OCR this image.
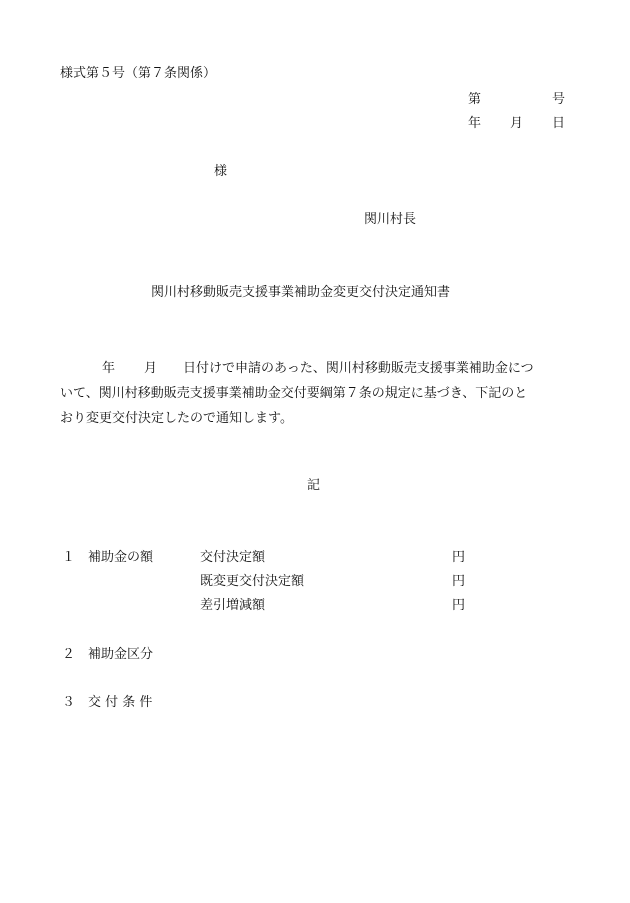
様式第５号（第７条関係）
第	号
年 月 日
様
関川村長
関川村移動販売支援事業補助金変更交付決定通知書
年 月 日付けで申請のあった、関川村移動販売支援事業補助金につ
いて、関川村移動販売支援事業補助金交付要綱第７条の規定に基づき、下記のと
おり変更交付決定したので通知します。
記
１ 補助金の額	交付決定額	円
既変更交付決定額	円
差引増減額	円
２ 補助金区分
３ 交 付 条 件
